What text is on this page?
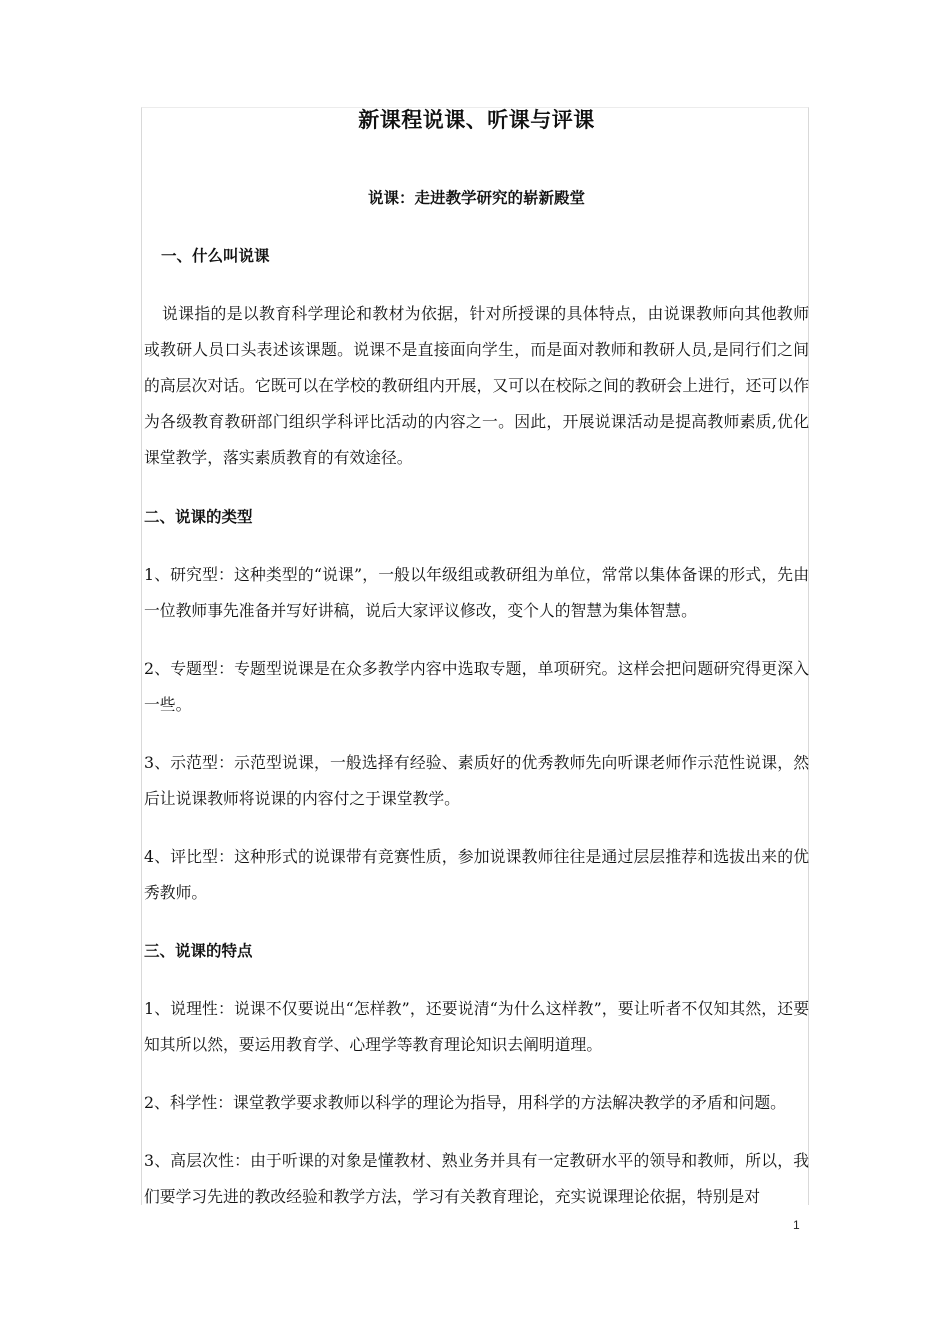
新课程说课、听课与评课
说课：走进教学研究的崭新殿堂
一、什么叫说课

说课指的是以教育科学理论和教材为依据，针对所授课的具体特点，由说课教师向其他教师或教研人员口头表述该课题。说课不是直接面向学生，而是面对教师和教研人员,是同行们之间的高层次对话。它既可以在学校的教研组内开展，又可以在校际之间的教研会上进行，还可以作为各级教育教研部门组织学科评比活动的内容之一。因此，开展说课活动是提高教师素质,优化课堂教学，落实素质教育的有效途径。

二、说课的类型

1、研究型：这种类型的“说课”，一般以年级组或教研组为单位，常常以集体备课的形式，先由一位教师事先准备并写好讲稿，说后大家评议修改，变个人的智慧为集体智慧。

2、专题型：专题型说课是在众多教学内容中选取专题，单项研究。这样会把问题研究得更深入一些。

3、示范型：示范型说课，一般选择有经验、素质好的优秀教师先向听课老师作示范性说课，然后让说课教师将说课的内容付之于课堂教学。

4、评比型：这种形式的说课带有竞赛性质，参加说课教师往往是通过层层推荐和选拔出来的优秀教师。

三、说课的特点

1、说理性：说课不仅要说出“怎样教”，还要说清“为什么这样教”，要让听者不仅知其然，还要知其所以然，要运用教育学、心理学等教育理论知识去阐明道理。

2、科学性：课堂教学要求教师以科学的理论为指导，用科学的方法解决教学的矛盾和问题。

3、高层次性：由于听课的对象是懂教材、熟业务并具有一定教研水平的领导和教师，所以，我们要学习先进的教改经验和教学方法，学习有关教育理论，充实说课理论依据，特别是对

1
